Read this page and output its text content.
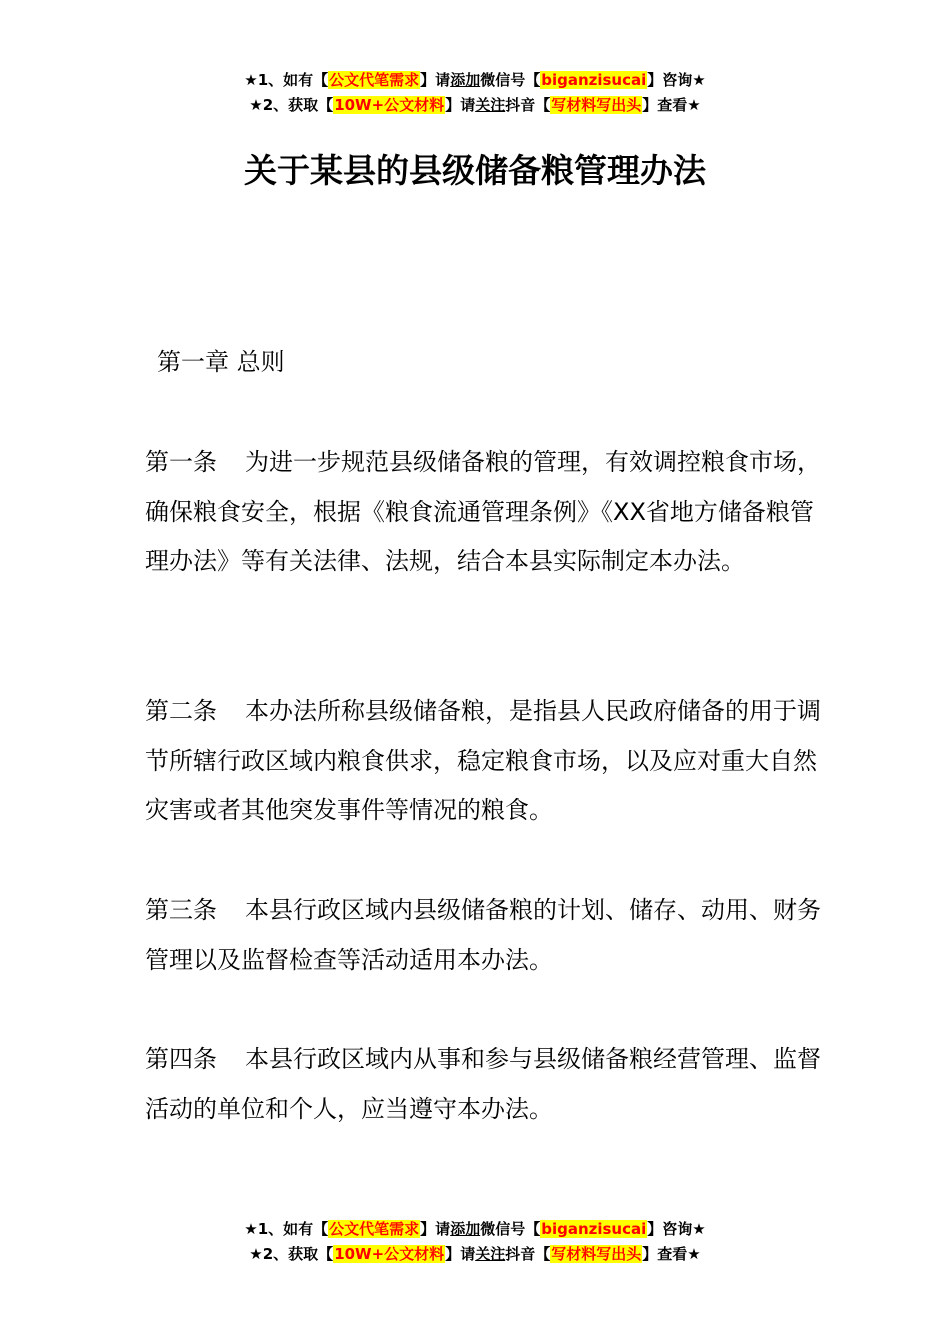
★1、如有【公文代笔需求】请添加微信号【biganzisucai】咨询★
★2、获取【10W+公文材料】请关注抖音【写材料写出头】查看★
关于某县的县级储备粮管理办法

第一章 总则

第一条 为进一步规范县级储备粮的管理，有效调控粮食市场，确保粮食安全，根据《粮食流通管理条例》《XX省地方储备粮管理办法》等有关法律、法规，结合本县实际制定本办法。

第二条 本办法所称县级储备粮，是指县人民政府储备的用于调节所辖行政区域内粮食供求，稳定粮食市场，以及应对重大自然灾害或者其他突发事件等情况的粮食。

第三条 本县行政区域内县级储备粮的计划、储存、动用、财务管理以及监督检查等活动适用本办法。

第四条 本县行政区域内从事和参与县级储备粮经营管理、监督活动的单位和个人，应当遵守本办法。

★1、如有【公文代笔需求】请添加微信号【biganzisucai】咨询★
★2、获取【10W+公文材料】请关注抖音【写材料写出头】查看★
